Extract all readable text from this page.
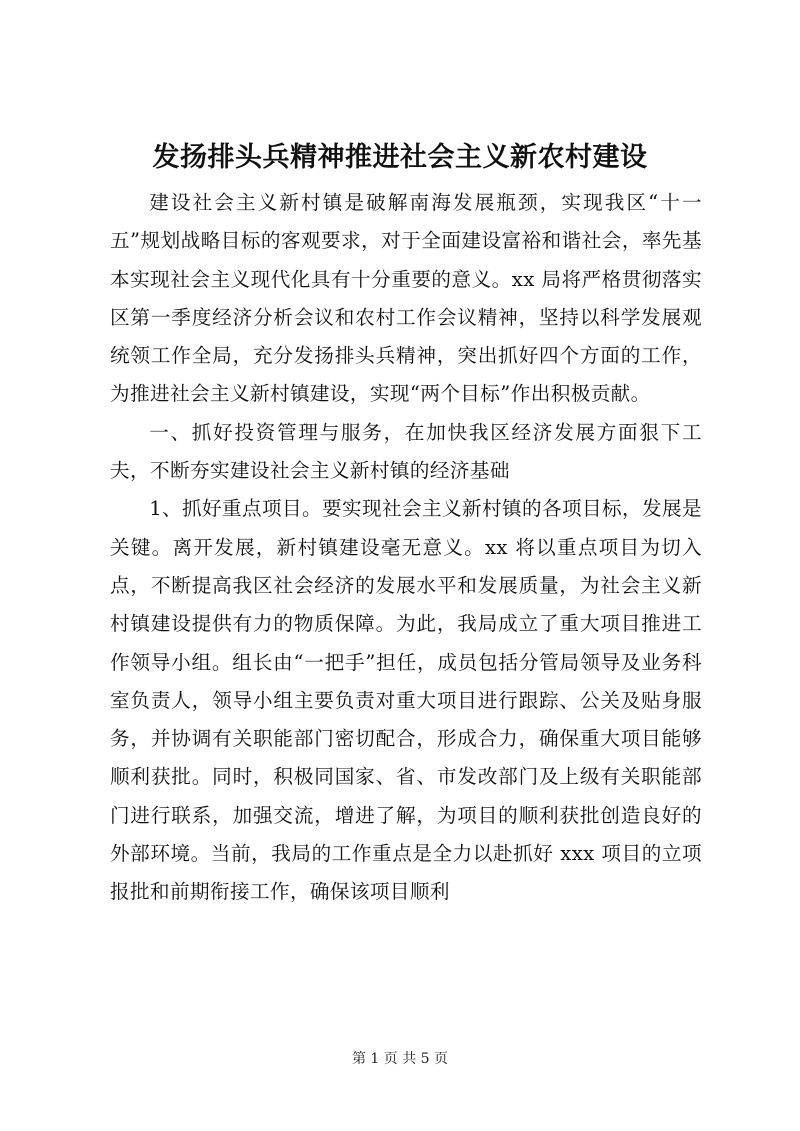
发扬排头兵精神推进社会主义新农村建设

建设社会主义新村镇是破解南海发展瓶颈，实现我区“十一五”规划战略目标的客观要求，对于全面建设富裕和谐社会，率先基本实现社会主义现代化具有十分重要的意义。xx 局将严格贯彻落实区第一季度经济分析会议和农村工作会议精神，坚持以科学发展观统领工作全局，充分发扬排头兵精神，突出抓好四个方面的工作，为推进社会主义新村镇建设，实现“两个目标”作出积极贡献。

一、抓好投资管理与服务，在加快我区经济发展方面狠下工夫，不断夯实建设社会主义新村镇的经济基础

1、抓好重点项目。要实现社会主义新村镇的各项目标，发展是关键。离开发展，新村镇建设毫无意义。xx 将以重点项目为切入点，不断提高我区社会经济的发展水平和发展质量，为社会主义新村镇建设提供有力的物质保障。为此，我局成立了重大项目推进工作领导小组。组长由“一把手”担任，成员包括分管局领导及业务科室负责人，领导小组主要负责对重大项目进行跟踪、公关及贴身服务，并协调有关职能部门密切配合，形成合力，确保重大项目能够顺利获批。同时，积极同国家、省、市发改部门及上级有关职能部门进行联系，加强交流，增进了解，为项目的顺利获批创造良好的外部环境。当前，我局的工作重点是全力以赴抓好 xxx 项目的立项报批和前期衔接工作，确保该项目顺利

第 1 页 共 5 页
